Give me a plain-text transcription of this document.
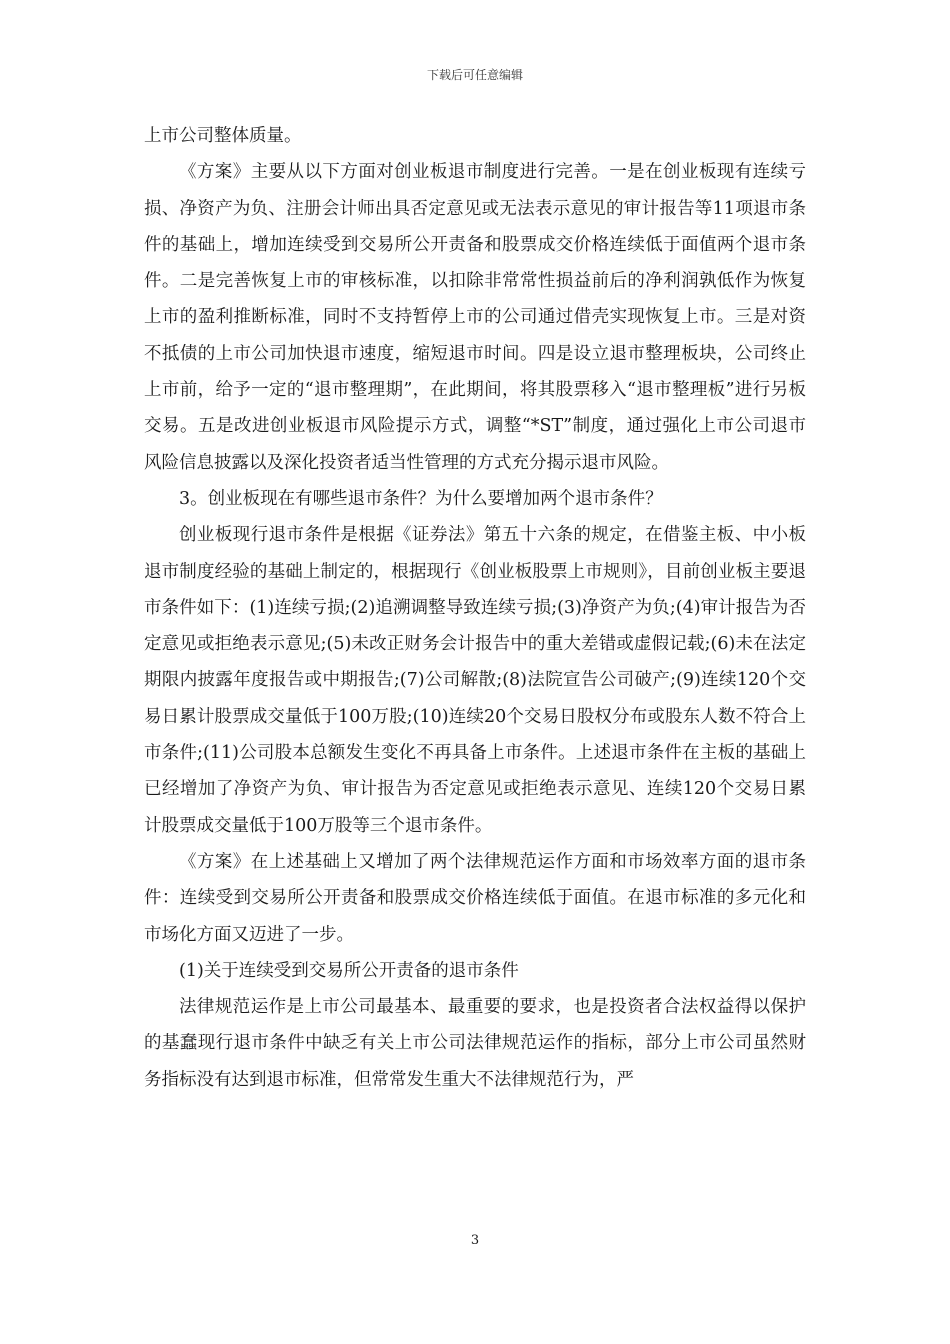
下载后可任意编辑

上市公司整体质量。

《方案》主要从以下方面对创业板退市制度进行完善。一是在创业板现有连续亏损、净资产为负、注册会计师出具否定意见或无法表示意见的审计报告等11项退市条件的基础上，增加连续受到交易所公开责备和股票成交价格连续低于面值两个退市条件。二是完善恢复上市的审核标准，以扣除非常常性损益前后的净利润孰低作为恢复上市的盈利推断标准，同时不支持暂停上市的公司通过借壳实现恢复上市。三是对资不抵债的上市公司加快退市速度，缩短退市时间。四是设立退市整理板块，公司终止上市前，给予一定的“退市整理期”，在此期间，将其股票移入“退市整理板”进行另板交易。五是改进创业板退市风险提示方式，调整“*ST”制度，通过强化上市公司退市风险信息披露以及深化投资者适当性管理的方式充分揭示退市风险。

3。创业板现在有哪些退市条件？为什么要增加两个退市条件？

创业板现行退市条件是根据《证券法》第五十六条的规定，在借鉴主板、中小板退市制度经验的基础上制定的，根据现行《创业板股票上市规则》，目前创业板主要退市条件如下：(1)连续亏损;(2)追溯调整导致连续亏损;(3)净资产为负;(4)审计报告为否定意见或拒绝表示意见;(5)未改正财务会计报告中的重大差错或虚假记载;(6)未在法定期限内披露年度报告或中期报告;(7)公司解散;(8)法院宣告公司破产;(9)连续120个交易日累计股票成交量低于100万股;(10)连续20个交易日股权分布或股东人数不符合上市条件;(11)公司股本总额发生变化不再具备上市条件。上述退市条件在主板的基础上已经增加了净资产为负、审计报告为否定意见或拒绝表示意见、连续120个交易日累计股票成交量低于100万股等三个退市条件。

《方案》在上述基础上又增加了两个法律规范运作方面和市场效率方面的退市条件：连续受到交易所公开责备和股票成交价格连续低于面值。在退市标准的多元化和市场化方面又迈进了一步。

(1)关于连续受到交易所公开责备的退市条件

法律规范运作是上市公司最基本、最重要的要求，也是投资者合法权益得以保护的基蠢现行退市条件中缺乏有关上市公司法律规范运作的指标，部分上市公司虽然财务指标没有达到退市标准，但常常发生重大不法律规范行为，严

3
